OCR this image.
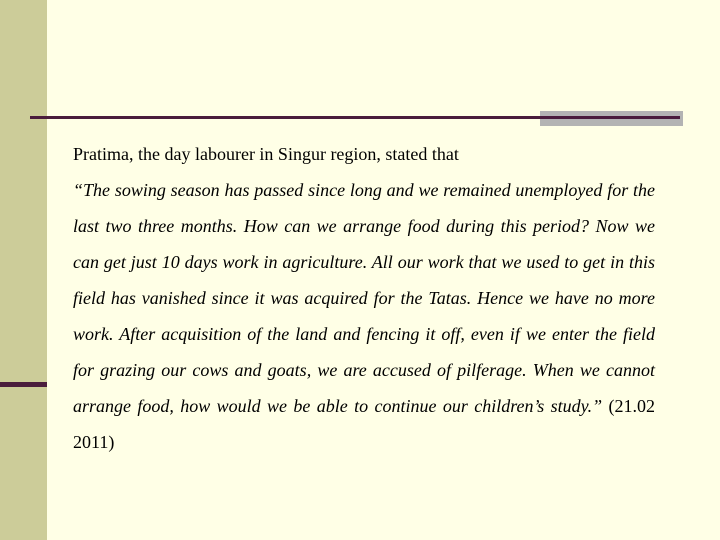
Pratima, the day labourer in Singur region, stated that
“The sowing season has passed since long and we remained unemployed for the last two three months. How can we arrange food during this period? Now we can get just 10 days work in agriculture. All our work that we used to get in this field has vanished since it was acquired for the Tatas. Hence we have no more work. After acquisition of the land and fencing it off, even if we enter the field for grazing our cows and goats, we are accused of pilferage. When we cannot arrange food, how would we be able to continue our children’s study.” (21.02 2011)
